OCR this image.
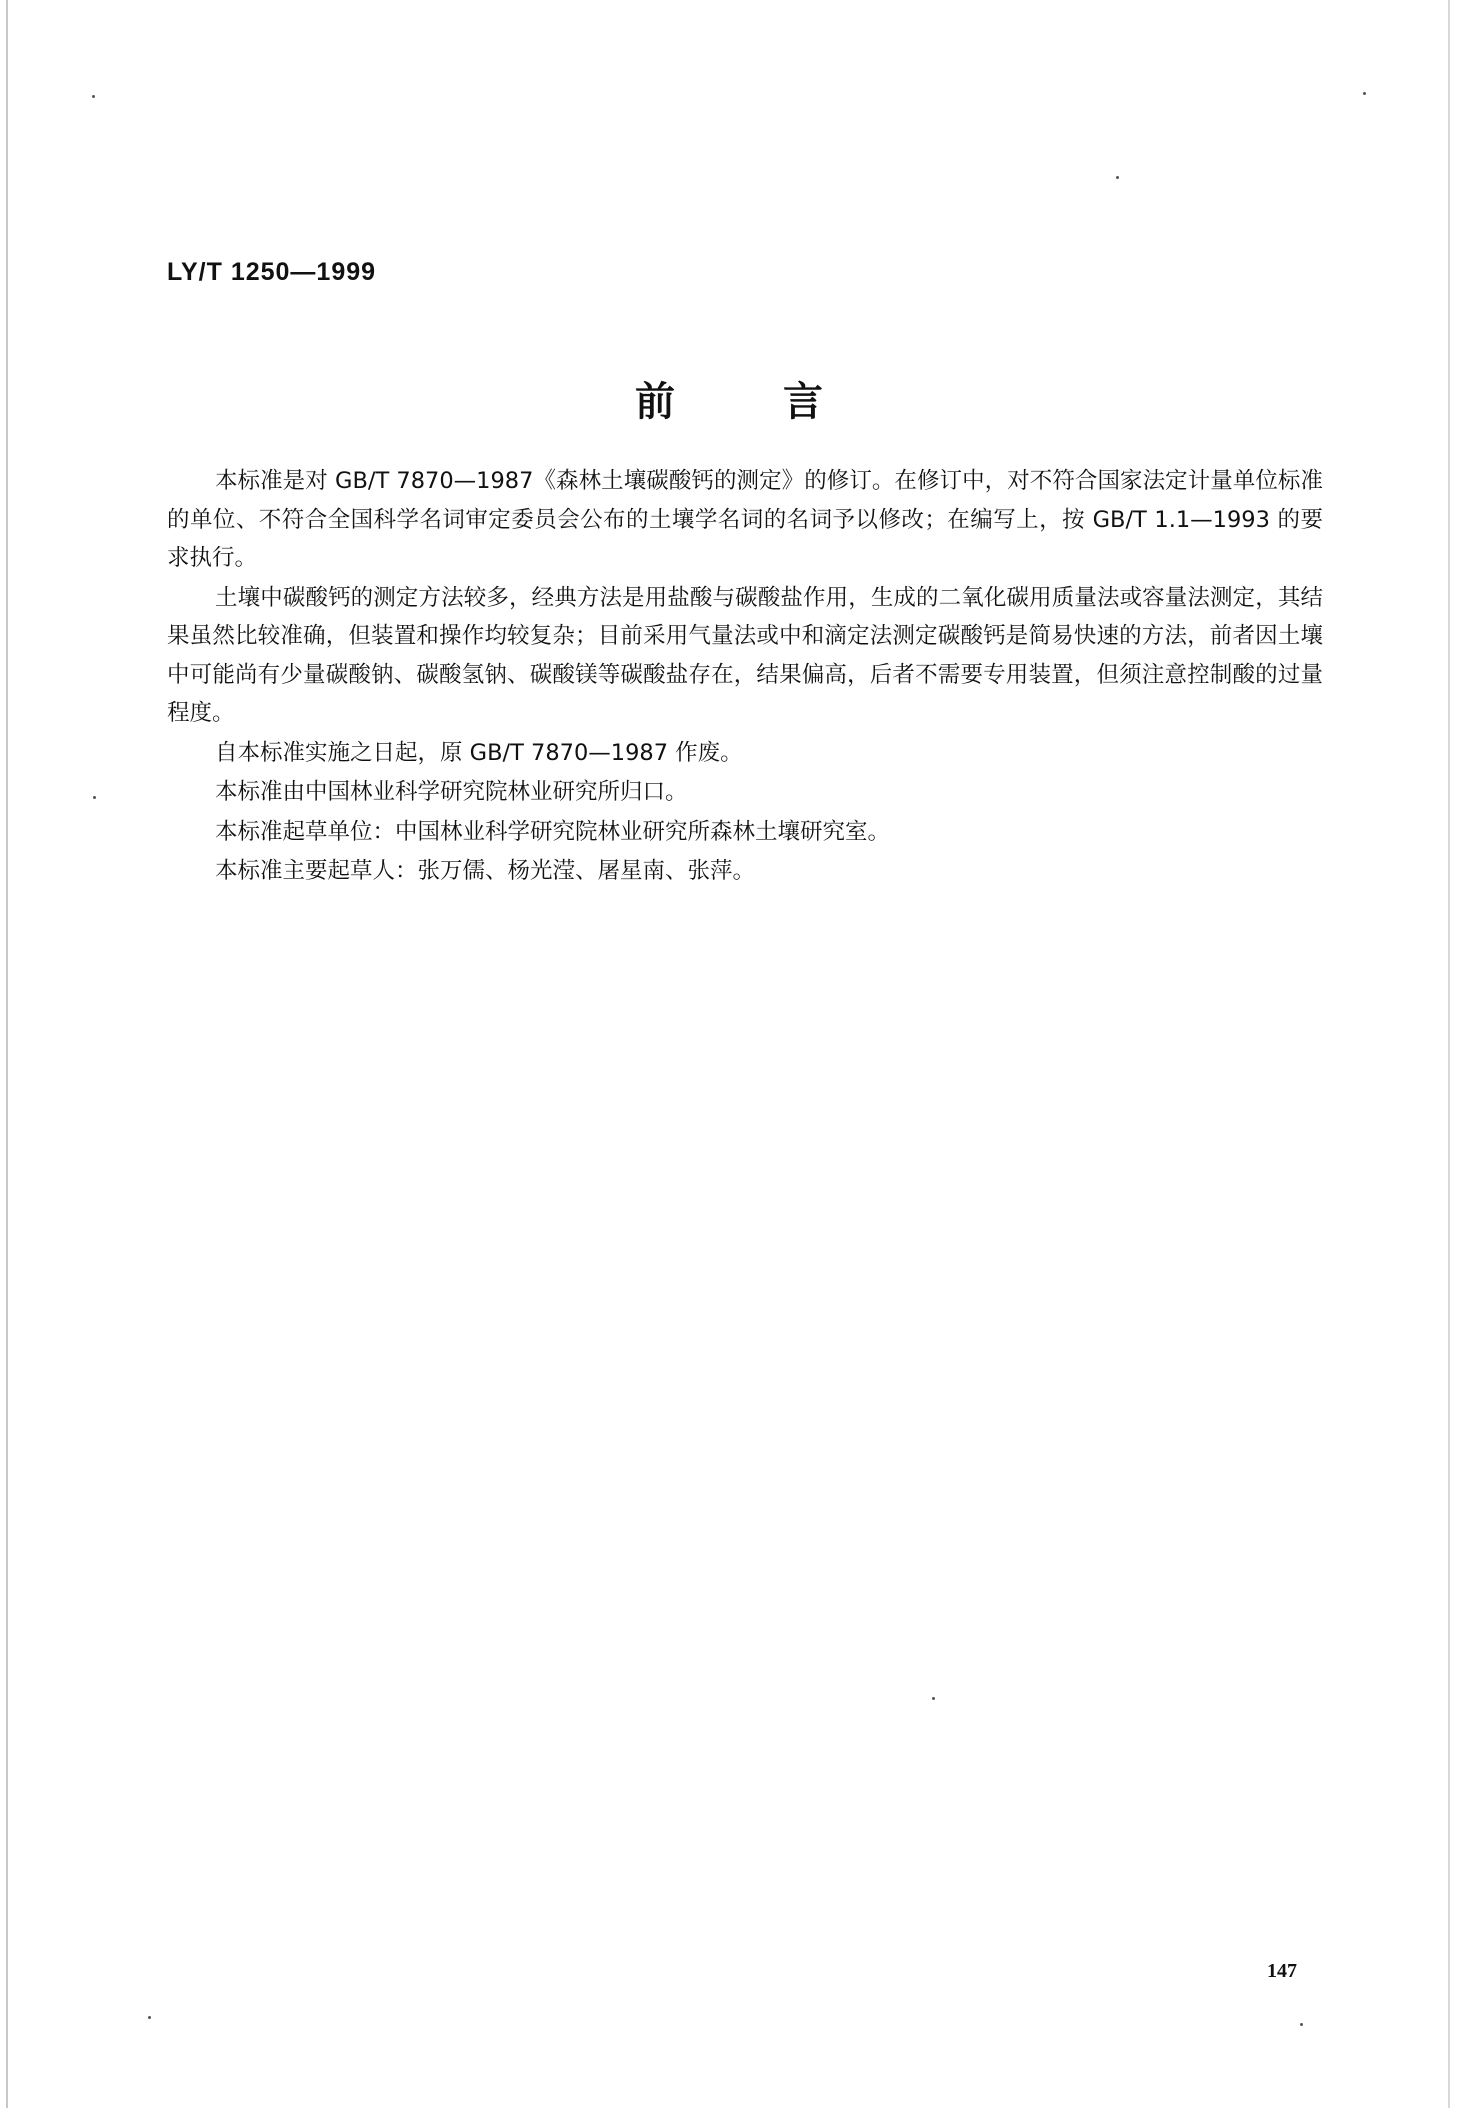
LY/T 1250—1999
前	言

本标准是对 GB/T 7870—1987《森林土壤碳酸钙的测定》的修订。在修订中，对不符合国家法定计量单位标准的单位、不符合全国科学名词审定委员会公布的土壤学名词的名词予以修改；在编写上，按 GB/T 1.1—1993 的要求执行。

土壤中碳酸钙的测定方法较多，经典方法是用盐酸与碳酸盐作用，生成的二氧化碳用质量法或容量法测定，其结果虽然比较准确，但装置和操作均较复杂；目前采用气量法或中和滴定法测定碳酸钙是简易快速的方法，前者因土壤中可能尚有少量碳酸钠、碳酸氢钠、碳酸镁等碳酸盐存在，结果偏高，后者不需要专用装置，但须注意控制酸的过量程度。

自本标准实施之日起，原 GB/T 7870—1987 作废。

本标准由中国林业科学研究院林业研究所归口。

本标准起草单位：中国林业科学研究院林业研究所森林土壤研究室。

本标准主要起草人：张万儒、杨光滢、屠星南、张萍。

147
